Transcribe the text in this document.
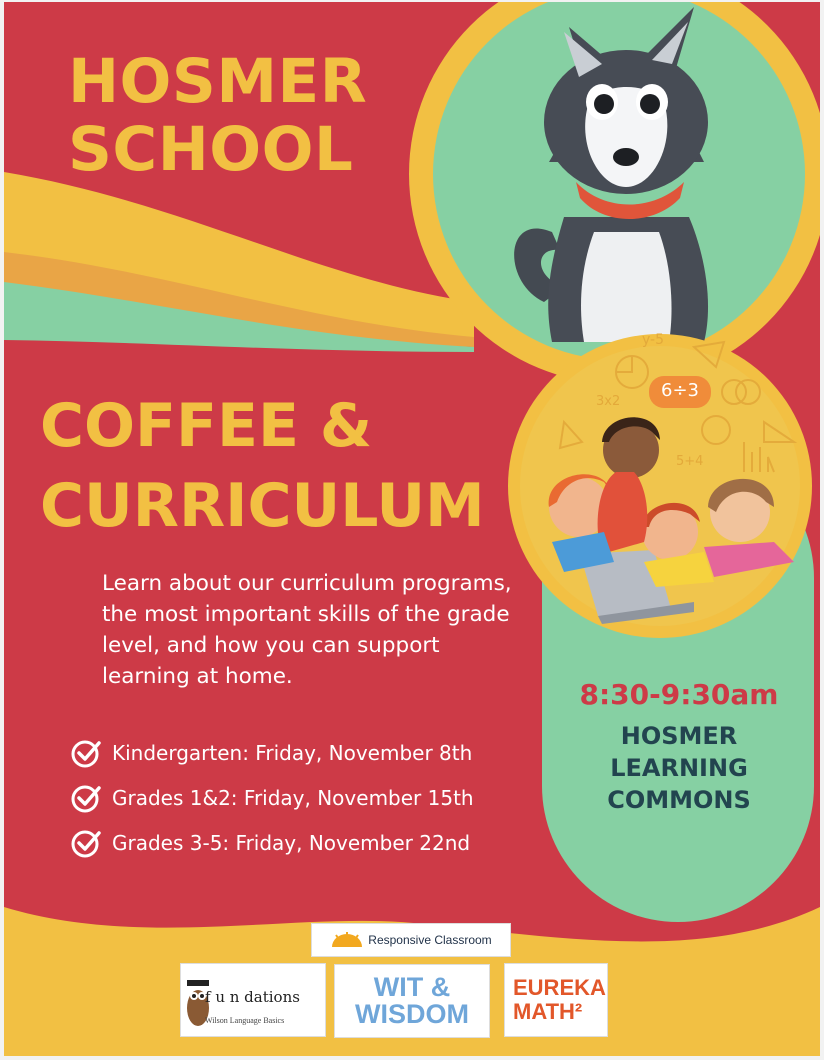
6÷3
y-5
3x2
5+4
HOSMER
SCHOOL
COFFEE &
CURRICULUM

Learn about our curriculum programs, the most important skills of the grade level, and how you can support learning at home.

Kindergarten: Friday, November 8th
Grades 1&2: Friday, November 15th
Grades 3-5: Friday, November 22nd
8:30-9:30am
HOSMER
LEARNING
COMMONS
Responsive Classroom
f u n dations
Wilson Language Basics
WIT &
WISDOM
EUREKA
MATH²
